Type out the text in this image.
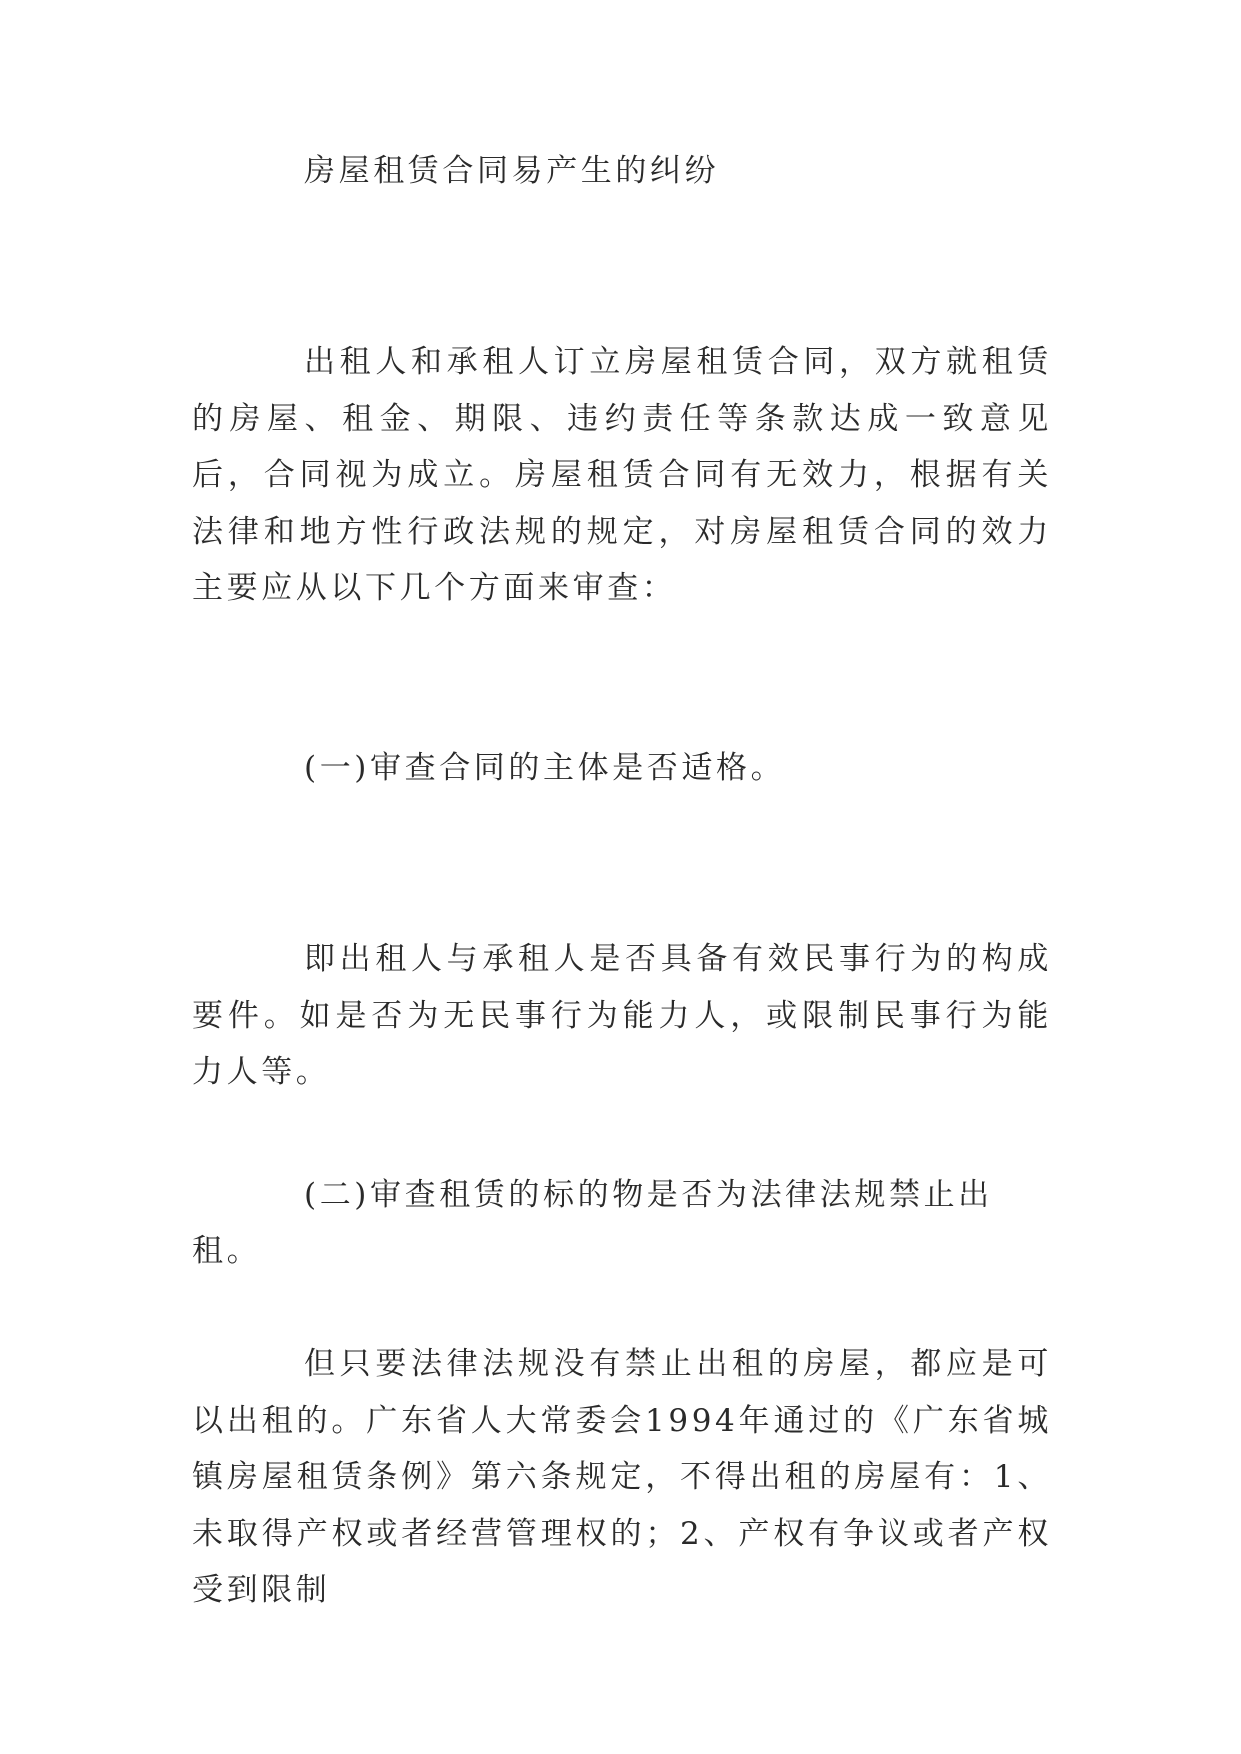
房屋租赁合同易产生的纠纷

出租人和承租人订立房屋租赁合同，双方就租赁的房屋、租金、期限、违约责任等条款达成一致意见后，合同视为成立。房屋租赁合同有无效力，根据有关法律和地方性行政法规的规定，对房屋租赁合同的效力主要应从以下几个方面来审查：

(一)审查合同的主体是否适格。

即出租人与承租人是否具备有效民事行为的构成要件。如是否为无民事行为能力人，或限制民事行为能力人等。

(二)审查租赁的标的物是否为法律法规禁止出租。

但只要法律法规没有禁止出租的房屋，都应是可以出租的。广东省人大常委会1994年通过的《广东省城镇房屋租赁条例》第六条规定，不得出租的房屋有：1、未取得产权或者经营管理权的；2、产权有争议或者产权受到限制
